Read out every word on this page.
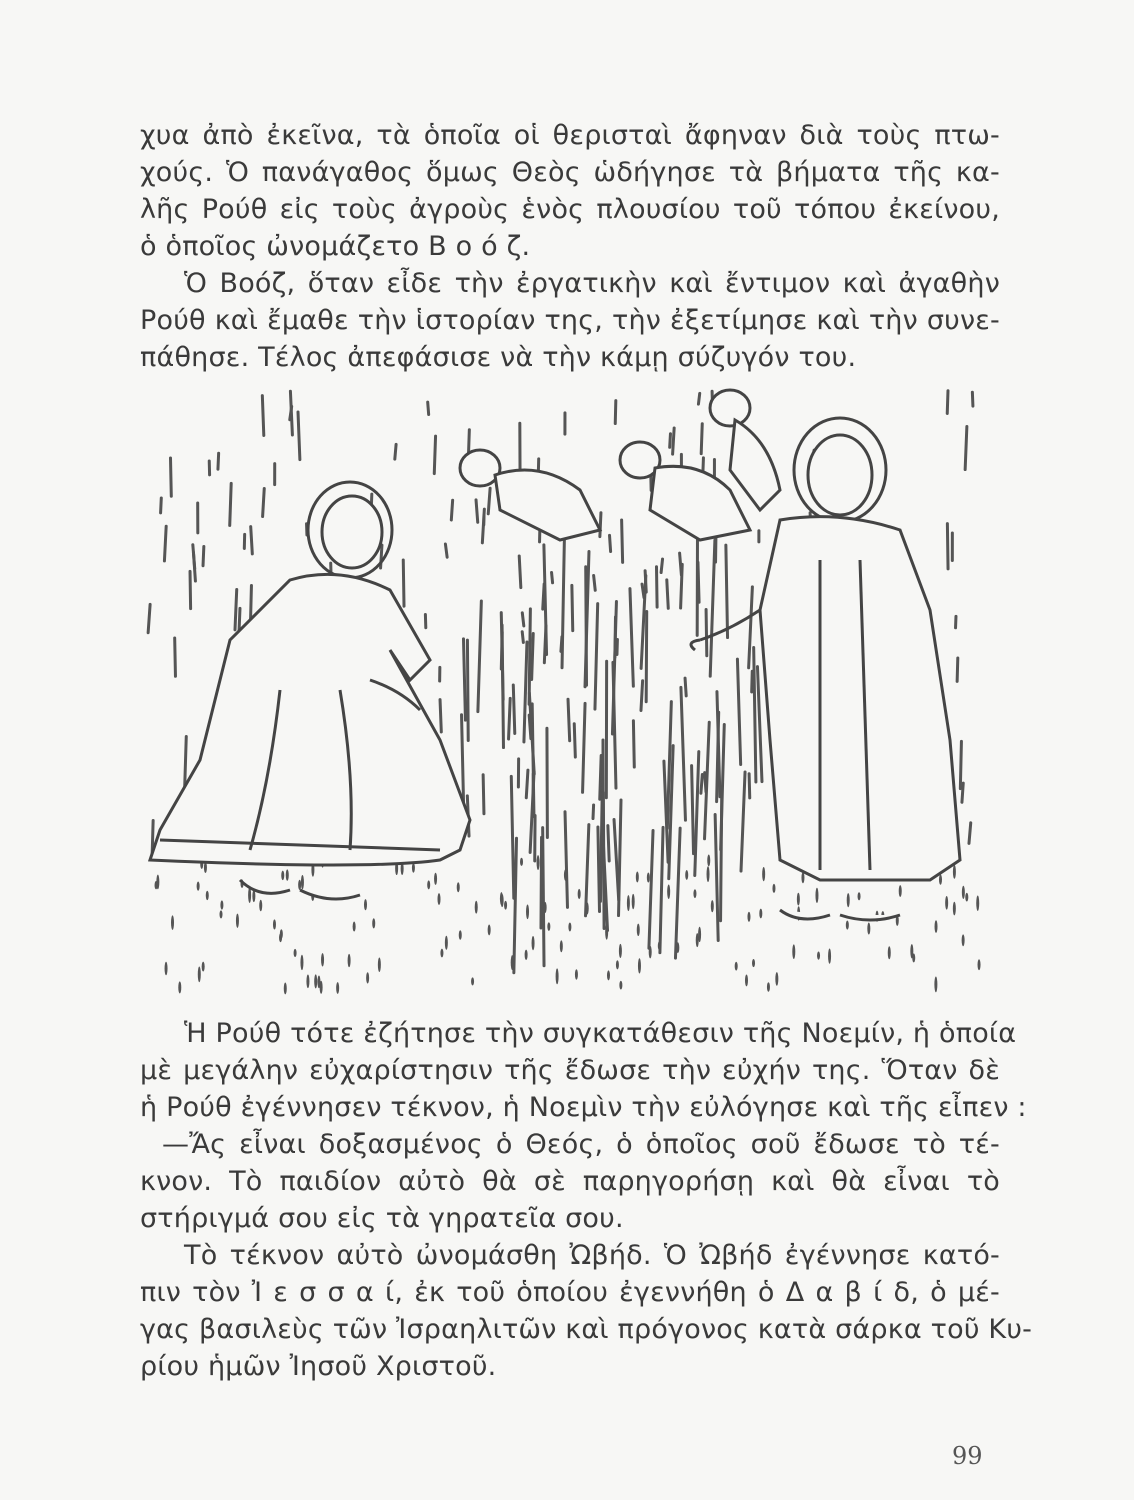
χυα ἀπὸ ἐκεῖνα, τὰ ὁποῖα οἱ θερισταὶ ἄφηναν διὰ τοὺς πτω-
χούς. Ὁ πανάγαθος ὅμως Θεὸς ὡδήγησε τὰ βήματα τῆς κα-
λῆς Ρούθ εἰς τοὺς ἀγροὺς ἑνὸς πλουσίου τοῦ τόπου ἐκείνου,
ὁ ὁποῖος ὠνομάζετο Β ο ό ζ.
Ὁ Βοόζ, ὅταν εἶδε τὴν ἐργατικὴν καὶ ἔντιμον καὶ ἀγαθὴν
Ρούθ καὶ ἔμαθε τὴν ἱστορίαν της, τὴν ἐξετίμησε καὶ τὴν συνε-
πάθησε. Τέλος ἀπεφάσισε νὰ τὴν κάμῃ σύζυγόν του.
Ἡ Ρούθ τότε ἐζήτησε τὴν συγκατάθεσιν τῆς Νοεμίν, ἡ ὁποία
μὲ μεγάλην εὐχαρίστησιν τῆς ἔδωσε τὴν εὐχήν της. Ὅταν δὲ
ἡ Ρούθ ἐγέννησεν τέκνον, ἡ Νοεμὶν τὴν εὐλόγησε καὶ τῆς εἶπεν :
—Ἄς εἶναι δοξασμένος ὁ Θεός, ὁ ὁποῖος σοῦ ἔδωσε τὸ τέ-
κνον. Τὸ παιδίον αὐτὸ θὰ σὲ παρηγορήσῃ καὶ θὰ εἶναι τὸ
στήριγμά σου εἰς τὰ γηρατεῖα σου.
Τὸ τέκνον αὐτὸ ὠνομάσθη Ὠβήδ. Ὁ Ὠβήδ ἐγέννησε κατό-
πιν τὸν Ἰ ε σ σ α ί, ἐκ τοῦ ὁποίου ἐγεννήθη ὁ Δ α β ί δ, ὁ μέ-
γας βασιλεὺς τῶν Ἰσραηλιτῶν καὶ πρόγονος κατὰ σάρκα τοῦ Κυ-
ρίου ἡμῶν Ἰησοῦ Χριστοῦ.
99
